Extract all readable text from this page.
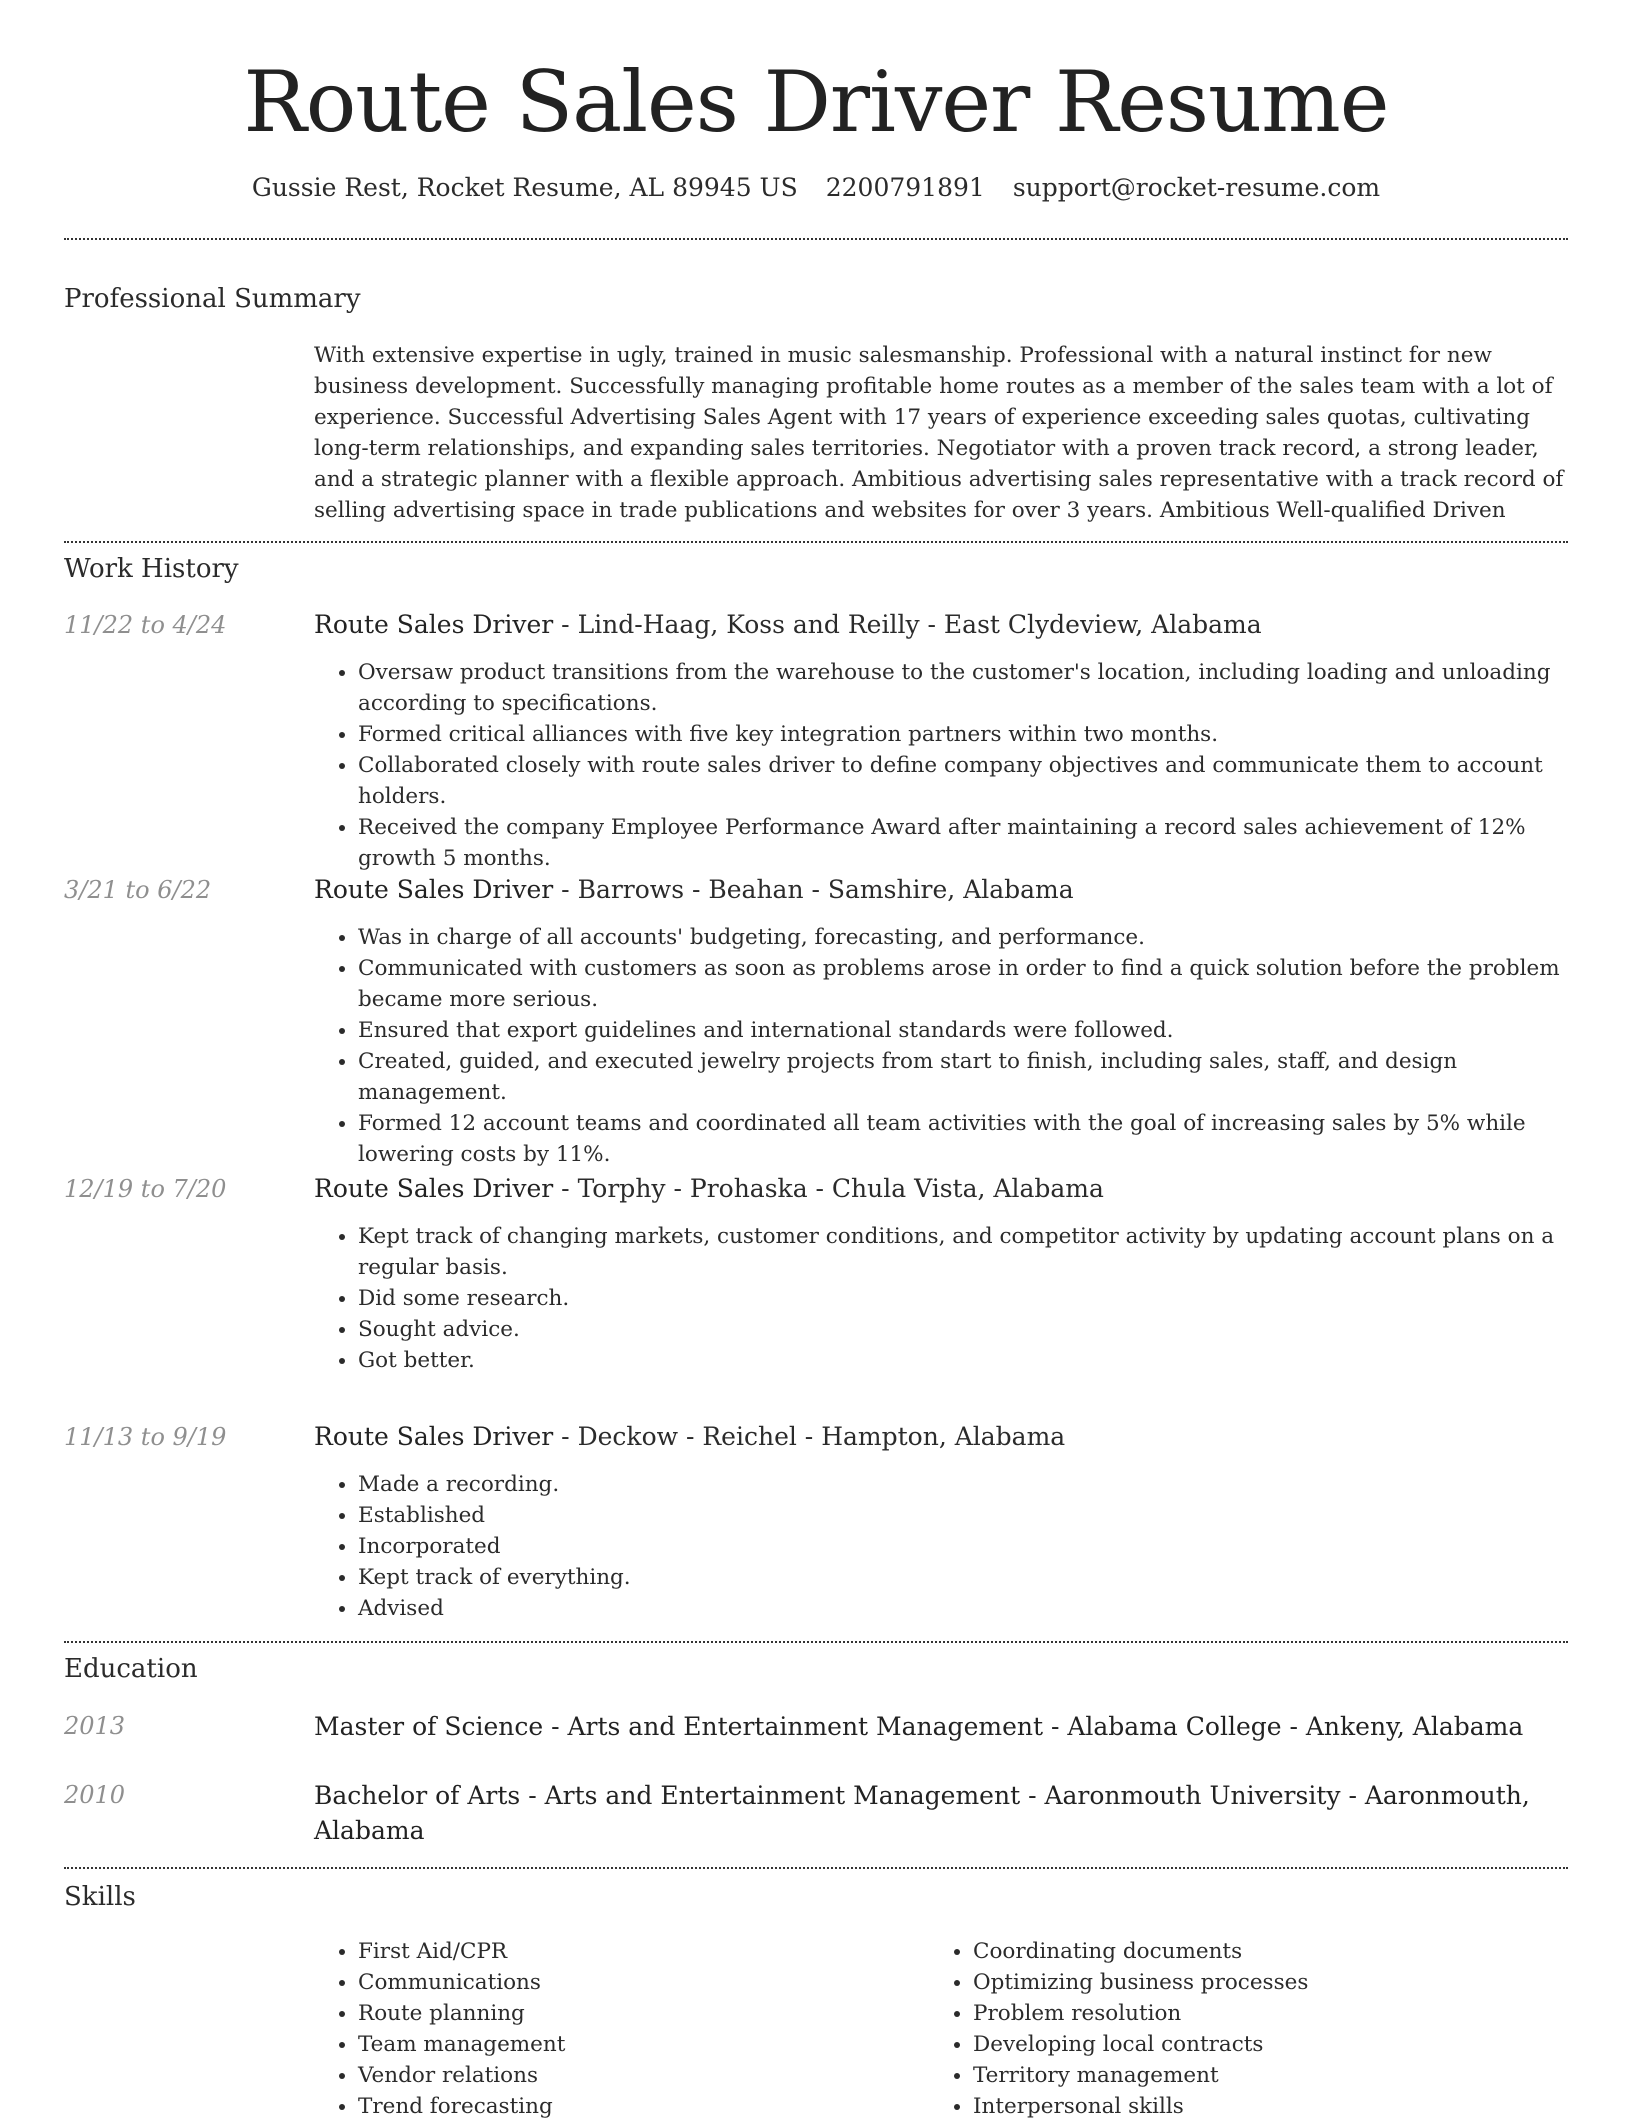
Route Sales Driver Resume
Gussie Rest, Rocket Resume, AL 89945 US 2200791891 support@rocket-resume.com
Professional Summary

With extensive expertise in ugly, trained in music salesmanship. Professional with a natural instinct for new business development. Successfully managing profitable home routes as a member of the sales team with a lot of experience. Successful Advertising Sales Agent with 17 years of experience exceeding sales quotas, cultivating long-term relationships, and expanding sales territories. Negotiator with a proven track record, a strong leader, and a strategic planner with a flexible approach. Ambitious advertising sales representative with a track record of selling advertising space in trade publications and websites for over 3 years. Ambitious Well-qualified Driven

Work History
11/22 to 4/24	Route Sales Driver - Lind-Haag, Koss and Reilly - East Clydeview, Alabama
• Oversaw product transitions from the warehouse to the customer's location, including loading and unloading according to specifications.
• Formed critical alliances with five key integration partners within two months.
• Collaborated closely with route sales driver to define company objectives and communicate them to account holders.
• Received the company Employee Performance Award after maintaining a record sales achievement of 12% growth 5 months.
3/21 to 6/22	Route Sales Driver - Barrows - Beahan - Samshire, Alabama
• Was in charge of all accounts' budgeting, forecasting, and performance.
• Communicated with customers as soon as problems arose in order to find a quick solution before the problem became more serious.
• Ensured that export guidelines and international standards were followed.
• Created, guided, and executed jewelry projects from start to finish, including sales, staff, and design management.
• Formed 12 account teams and coordinated all team activities with the goal of increasing sales by 5% while lowering costs by 11%.
12/19 to 7/20	Route Sales Driver - Torphy - Prohaska - Chula Vista, Alabama
• Kept track of changing markets, customer conditions, and competitor activity by updating account plans on a regular basis.
• Did some research.
• Sought advice.
• Got better.
11/13 to 9/19	Route Sales Driver - Deckow - Reichel - Hampton, Alabama
• Made a recording.
• Established
• Incorporated
• Kept track of everything.
• Advised
Education
2013	Master of Science - Arts and Entertainment Management - Alabama College - Ankeny, Alabama
2010	Bachelor of Arts - Arts and Entertainment Management - Aaronmouth University - Aaronmouth, Alabama
Skills
• First Aid/CPR
• Communications
• Route planning
• Team management
• Vendor relations
• Trend forecasting
• Coordinating documents
• Optimizing business processes
• Problem resolution
• Developing local contracts
• Territory management
• Interpersonal skills
